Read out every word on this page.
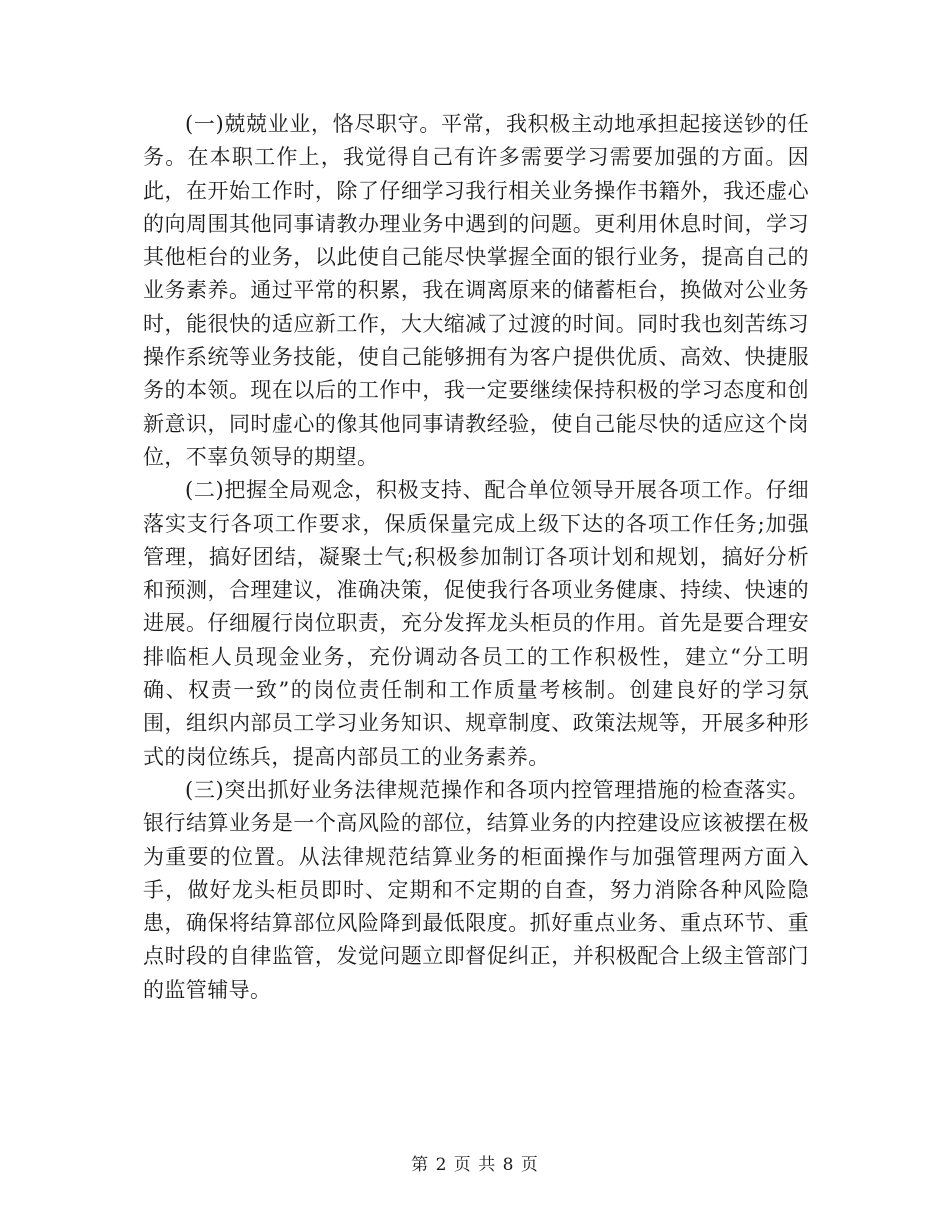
(一)兢兢业业，恪尽职守。平常，我积极主动地承担起接送钞的任务。在本职工作上，我觉得自己有许多需要学习需要加强的方面。因此，在开始工作时，除了仔细学习我行相关业务操作书籍外，我还虚心的向周围其他同事请教办理业务中遇到的问题。更利用休息时间，学习其他柜台的业务，以此使自己能尽快掌握全面的银行业务，提高自己的业务素养。通过平常的积累，我在调离原来的储蓄柜台，换做对公业务时，能很快的适应新工作，大大缩减了过渡的时间。同时我也刻苦练习操作系统等业务技能，使自己能够拥有为客户提供优质、高效、快捷服务的本领。现在以后的工作中，我一定要继续保持积极的学习态度和创新意识，同时虚心的像其他同事请教经验，使自己能尽快的适应这个岗位，不辜负领导的期望。

(二)把握全局观念，积极支持、配合单位领导开展各项工作。仔细落实支行各项工作要求，保质保量完成上级下达的各项工作任务;加强管理，搞好团结，凝聚士气;积极参加制订各项计划和规划，搞好分析和预测，合理建议，准确决策，促使我行各项业务健康、持续、快速的进展。仔细履行岗位职责，充分发挥龙头柜员的作用。首先是要合理安排临柜人员现金业务，充份调动各员工的工作积极性，建立“分工明确、权责一致”的岗位责任制和工作质量考核制。创建良好的学习氛围，组织内部员工学习业务知识、规章制度、政策法规等，开展多种形式的岗位练兵，提高内部员工的业务素养。

(三)突出抓好业务法律规范操作和各项内控管理措施的检查落实。银行结算业务是一个高风险的部位，结算业务的内控建设应该被摆在极为重要的位置。从法律规范结算业务的柜面操作与加强管理两方面入手，做好龙头柜员即时、定期和不定期的自查，努力消除各种风险隐患，确保将结算部位风险降到最低限度。抓好重点业务、重点环节、重点时段的自律监管，发觉问题立即督促纠正，并积极配合上级主管部门的监管辅导。

第 2 页 共 8 页
